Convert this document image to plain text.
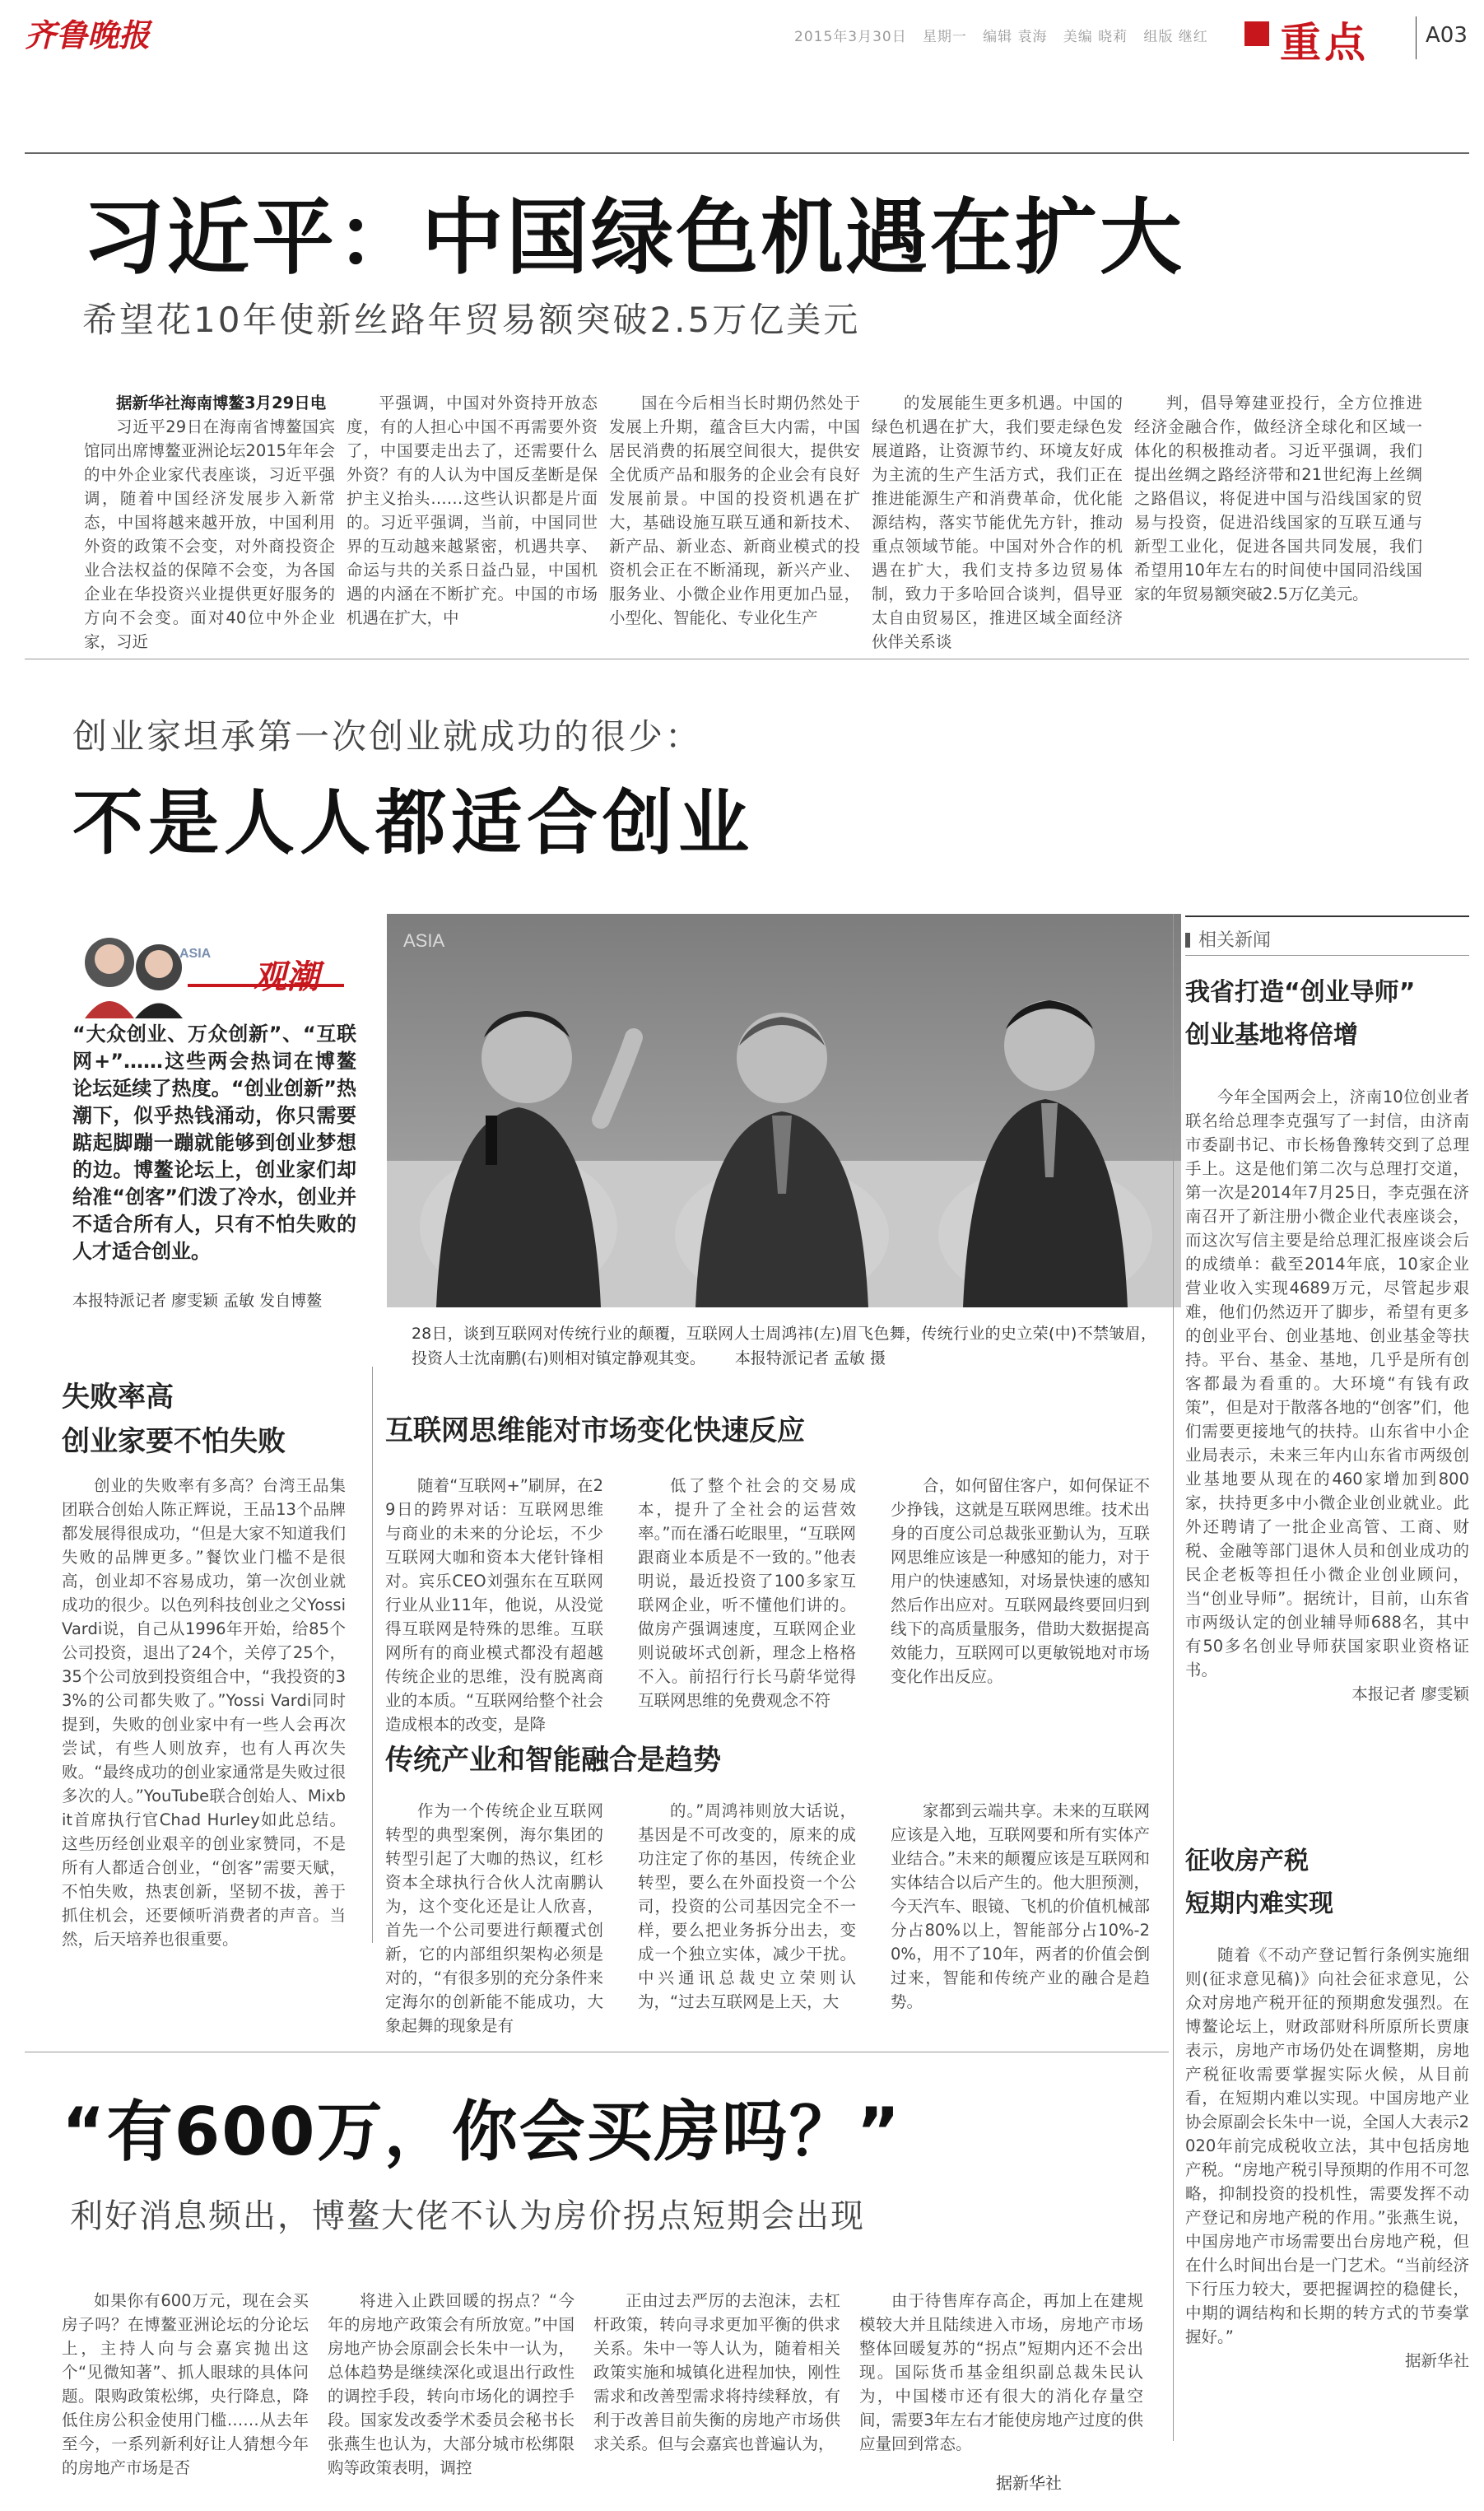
齐鲁晚报	2015年3月30日 星期一 编辑 袁海 美编 晓莉 组版 继红 重点	A03
习近平：中国绿色机遇在扩大
希望花10年使新丝路年贸易额突破2.5万亿美元

据新华社海南博鳌3月29日电

习近平29日在海南省博鳌国宾馆同出席博鳌亚洲论坛2015年年会的中外企业家代表座谈，习近平强调，随着中国经济发展步入新常态，中国将越来越开放，中国利用外资的政策不会变，对外商投资企业合法权益的保障不会变，为各国企业在华投资兴业提供更好服务的方向不会变。面对40位中外企业家，习近

平强调，中国对外资持开放态度，有的人担心中国不再需要外资了，中国要走出去了，还需要什么外资？有的人认为中国反垄断是保护主义抬头……这些认识都是片面的。习近平强调，当前，中国同世界的互动越来越紧密，机遇共享、命运与共的关系日益凸显，中国机遇的内涵在不断扩充。中国的市场机遇在扩大，中

国在今后相当长时期仍然处于发展上升期，蕴含巨大内需，中国居民消费的拓展空间很大，提供安全优质产品和服务的企业会有良好发展前景。中国的投资机遇在扩大，基础设施互联互通和新技术、新产品、新业态、新商业模式的投资机会正在不断涌现，新兴产业、服务业、小微企业作用更加凸显，小型化、智能化、专业化生产

的发展能生更多机遇。中国的绿色机遇在扩大，我们要走绿色发展道路，让资源节约、环境友好成为主流的生产生活方式，我们正在推进能源生产和消费革命，优化能源结构，落实节能优先方针，推动重点领域节能。中国对外合作的机遇在扩大，我们支持多边贸易体制，致力于多哈回合谈判，倡导亚太自由贸易区，推进区域全面经济伙伴关系谈

判，倡导筹建亚投行，全方位推进经济金融合作，做经济全球化和区域一体化的积极推动者。习近平强调，我们提出丝绸之路经济带和21世纪海上丝绸之路倡议，将促进中国与沿线国家的贸易与投资，促进沿线国家的互联互通与新型工业化，促进各国共同发展，我们希望用10年左右的时间使中国同沿线国家的年贸易额突破2.5万亿美元。

创业家坦承第一次创业就成功的很少：
不是人人都适合创业
ASIA
观潮
“大众创业、万众创新”、“互联网+”……这些两会热词在博鳌论坛延续了热度。“创业创新”热潮下，似乎热钱涌动，你只需要踮起脚蹦一蹦就能够到创业梦想的边。博鳌论坛上，创业家们却给准“创客”们泼了冷水，创业并不适合所有人，只有不怕失败的人才适合创业。
本报特派记者 廖雯颖 孟敏 发自博鳌
ASIA
28日，谈到互联网对传统行业的颠覆，互联网人士周鸿祎(左)眉飞色舞，传统行业的史立荣(中)不禁皱眉，投资人士沈南鹏(右)则相对镇定静观其变。 本报特派记者 孟敏 摄
失败率高
创业家要不怕失败

创业的失败率有多高？台湾王品集团联合创始人陈正辉说，王品13个品牌都发展得很成功，“但是大家不知道我们失败的品牌更多。”餐饮业门槛不是很高，创业却不容易成功，第一次创业就成功的很少。以色列科技创业之父Yossi Vardi说，自己从1996年开始，给85个公司投资，退出了24个，关停了25个，35个公司放到投资组合中，“我投资的33%的公司都失败了。”Yossi Vardi同时提到，失败的创业家中有一些人会再次尝试，有些人则放弃，也有人再次失败。“最终成功的创业家通常是失败过很多次的人。”YouTube联合创始人、Mixbit首席执行官Chad Hurley如此总结。这些历经创业艰辛的创业家赞同，不是所有人都适合创业，“创客”需要天赋，不怕失败，热衷创新，坚韧不拔，善于抓住机会，还要倾听消费者的声音。当然，后天培养也很重要。

互联网思维能对市场变化快速反应

随着“互联网+”刷屏，在29日的跨界对话：互联网思维与商业的未来的分论坛，不少互联网大咖和资本大佬针锋相对。宾乐CEO刘强东在互联网行业从业11年，他说，从没觉得互联网是特殊的思维。互联网所有的商业模式都没有超越传统企业的思维，没有脱离商业的本质。“互联网给整个社会造成根本的改变，是降

低了整个社会的交易成本，提升了全社会的运营效率。”而在潘石屹眼里，“互联网跟商业本质是不一致的。”他表明说，最近投资了100多家互联网企业，听不懂他们讲的。做房产强调速度，互联网企业则说破坏式创新，理念上格格不入。前招行行长马蔚华觉得互联网思维的免费观念不符

合，如何留住客户，如何保证不少挣钱，这就是互联网思维。技术出身的百度公司总裁张亚勤认为，互联网思维应该是一种感知的能力，对于用户的快速感知，对场景快速的感知然后作出应对。互联网最终要回归到线下的高质量服务，借助大数据提高效能力，互联网可以更敏锐地对市场变化作出反应。

传统产业和智能融合是趋势

作为一个传统企业互联网转型的典型案例，海尔集团的转型引起了大咖的热议，红杉资本全球执行合伙人沈南鹏认为，这个变化还是让人欣喜，首先一个公司要进行颠覆式创新，它的内部组织架构必须是对的，“有很多别的充分条件来定海尔的创新能不能成功，大象起舞的现象是有

的。”周鸿祎则放大话说，基因是不可改变的，原来的成功注定了你的基因，传统企业转型，要么在外面投资一个公司，投资的公司基因完全不一样，要么把业务拆分出去，变成一个独立实体，减少干扰。中兴通讯总裁史立荣则认为，“过去互联网是上天，大

家都到云端共享。未来的互联网应该是入地，互联网要和所有实体产业结合。”未来的颠覆应该是互联网和实体结合以后产生的。他大胆预测，今天汽车、眼镜、飞机的价值机械部分占80%以上，智能部分占10%-20%，用不了10年，两者的价值会倒过来，智能和传统产业的融合是趋势。

相关新闻
我省打造“创业导师”
创业基地将倍增

今年全国两会上，济南10位创业者联名给总理李克强写了一封信，由济南市委副书记、市长杨鲁豫转交到了总理手上。这是他们第二次与总理打交道，第一次是2014年7月25日，李克强在济南召开了新注册小微企业代表座谈会，而这次写信主要是给总理汇报座谈会后的成绩单：截至2014年底，10家企业营业收入实现4689万元，尽管起步艰难，他们仍然迈开了脚步，希望有更多的创业平台、创业基地、创业基金等扶持。平台、基金、基地，几乎是所有创客都最为看重的。大环境“有钱有政策”，但是对于散落各地的“创客”们，他们需要更接地气的扶持。山东省中小企业局表示，未来三年内山东省市两级创业基地要从现在的460家增加到800家，扶持更多中小微企业创业就业。此外还聘请了一批企业高管、工商、财税、金融等部门退休人员和创业成功的民企老板等担任小微企业创业顾问，当“创业导师”。据统计，目前，山东省市两级认定的创业辅导师688名，其中有50多名创业导师获国家职业资格证书。

本报记者 廖雯颖

征收房产税
短期内难实现

随着《不动产登记暂行条例实施细则(征求意见稿)》向社会征求意见，公众对房地产税开征的预期愈发强烈。在博鳌论坛上，财政部财科所原所长贾康表示，房地产市场仍处在调整期，房地产税征收需要掌握实际火候，从目前看，在短期内难以实现。中国房地产业协会原副会长朱中一说，全国人大表示2020年前完成税收立法，其中包括房地产税。“房地产税引导预期的作用不可忽略，抑制投资的投机性，需要发挥不动产登记和房地产税的作用。”张燕生说，中国房地产市场需要出台房地产税，但在什么时间出台是一门艺术。“当前经济下行压力较大，要把握调控的稳健长，中期的调结构和长期的转方式的节奏掌握好。”

据新华社

“有600万，你会买房吗？”
利好消息频出，博鳌大佬不认为房价拐点短期会出现

如果你有600万元，现在会买房子吗？在博鳌亚洲论坛的分论坛上，主持人向与会嘉宾抛出这个“见微知著”、抓人眼球的具体问题。限购政策松绑，央行降息，降低住房公积金使用门槛……从去年至今，一系列新利好让人猜想今年的房地产市场是否

将进入止跌回暖的拐点？“今年的房地产政策会有所放宽。”中国房地产协会原副会长朱中一认为，总体趋势是继续深化或退出行政性的调控手段，转向市场化的调控手段。国家发改委学术委员会秘书长张燕生也认为，大部分城市松绑限购等政策表明，调控

正由过去严厉的去泡沫，去杠杆政策，转向寻求更加平衡的供求关系。朱中一等人认为，随着相关政策实施和城镇化进程加快，刚性需求和改善型需求将持续释放，有利于改善目前失衡的房地产市场供求关系。但与会嘉宾也普遍认为，

由于待售库存高企，再加上在建规模较大并且陆续进入市场，房地产市场整体回暖复苏的“拐点”短期内还不会出现。国际货币基金组织副总裁朱民认为，中国楼市还有很大的消化存量空间，需要3年左右才能使房地产过度的供应量回到常态。

据新华社
